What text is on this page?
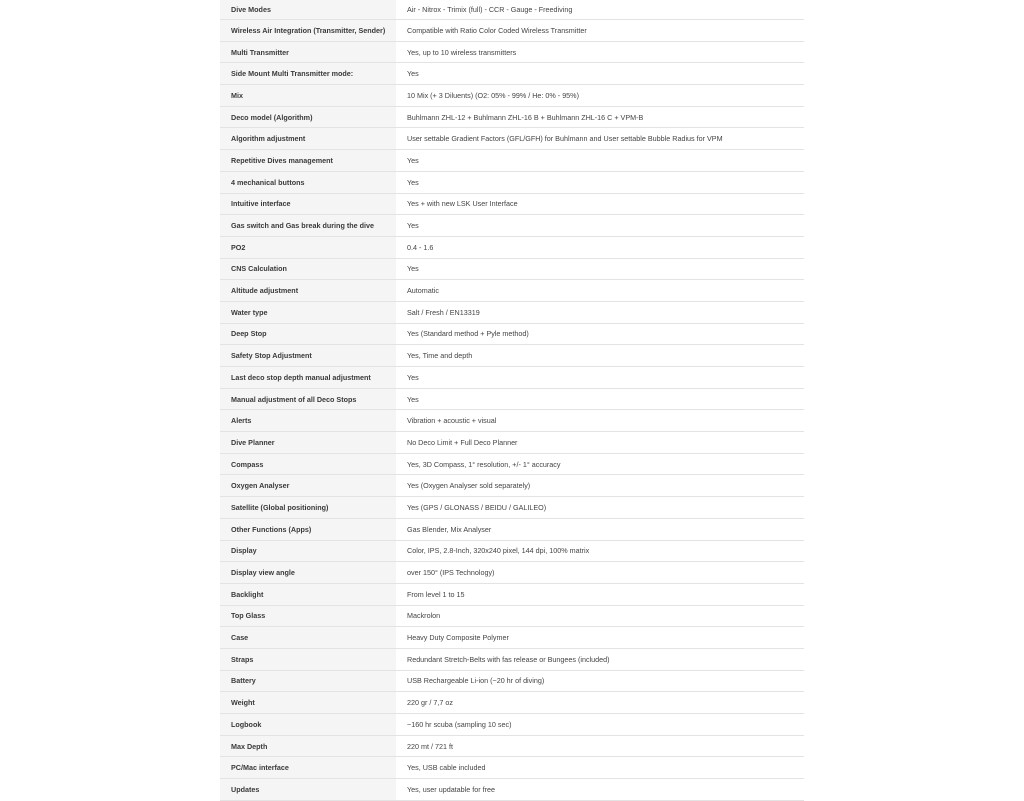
Dive Modes	Air - Nitrox - Trimix (full) - CCR - Gauge - Freediving
Wireless Air Integration (Transmitter, Sender)	Compatible with Ratio Color Coded Wireless Transmitter
Multi Transmitter	Yes, up to 10 wireless transmitters
Side Mount Multi Transmitter mode:	Yes
Mix	10 Mix (+ 3 Diluents) (O2: 05% - 99% / He: 0% - 95%)
Deco model (Algorithm)	Buhlmann ZHL-12 + Buhlmann ZHL-16 B + Buhlmann ZHL-16 C + VPM-B
Algorithm adjustment	User settable Gradient Factors (GFL/GFH) for Buhlmann and User settable Bubble Radius for VPM
Repetitive Dives management	Yes
4 mechanical buttons	Yes
Intuitive interface	Yes + with new LSK User Interface
Gas switch and Gas break during the dive	Yes
PO2	0.4 - 1.6
CNS Calculation	Yes
Altitude adjustment	Automatic
Water type	Salt / Fresh / EN13319
Deep Stop	Yes (Standard method + Pyle method)
Safety Stop Adjustment	Yes, Time and depth
Last deco stop depth manual adjustment	Yes
Manual adjustment of all Deco Stops	Yes
Alerts	Vibration + acoustic + visual
Dive Planner	No Deco Limit + Full Deco Planner
Compass	Yes, 3D Compass, 1° resolution, +/- 1° accuracy
Oxygen Analyser	Yes (Oxygen Analyser sold separately)
Satellite (Global positioning)	Yes (GPS / GLONASS / BEIDU / GALILEO)
Other Functions (Apps)	Gas Blender, Mix Analyser
Display	Color, IPS, 2.8-Inch, 320x240 pixel, 144 dpi, 100% matrix
Display view angle	over 150° (IPS Technology)
Backlight	From level 1 to 15
Top Glass	Mackrolon
Case	Heavy Duty Composite Polymer
Straps	Redundant Stretch-Belts with fas release or Bungees (included)
Battery	USB Rechargeable Li-ion (~20 hr of diving)
Weight	220 gr / 7,7 oz
Logbook	~160 hr scuba (sampling 10 sec)
Max Depth	220 mt / 721 ft
PC/Mac interface	Yes, USB cable included
Updates	Yes, user updatable for free
